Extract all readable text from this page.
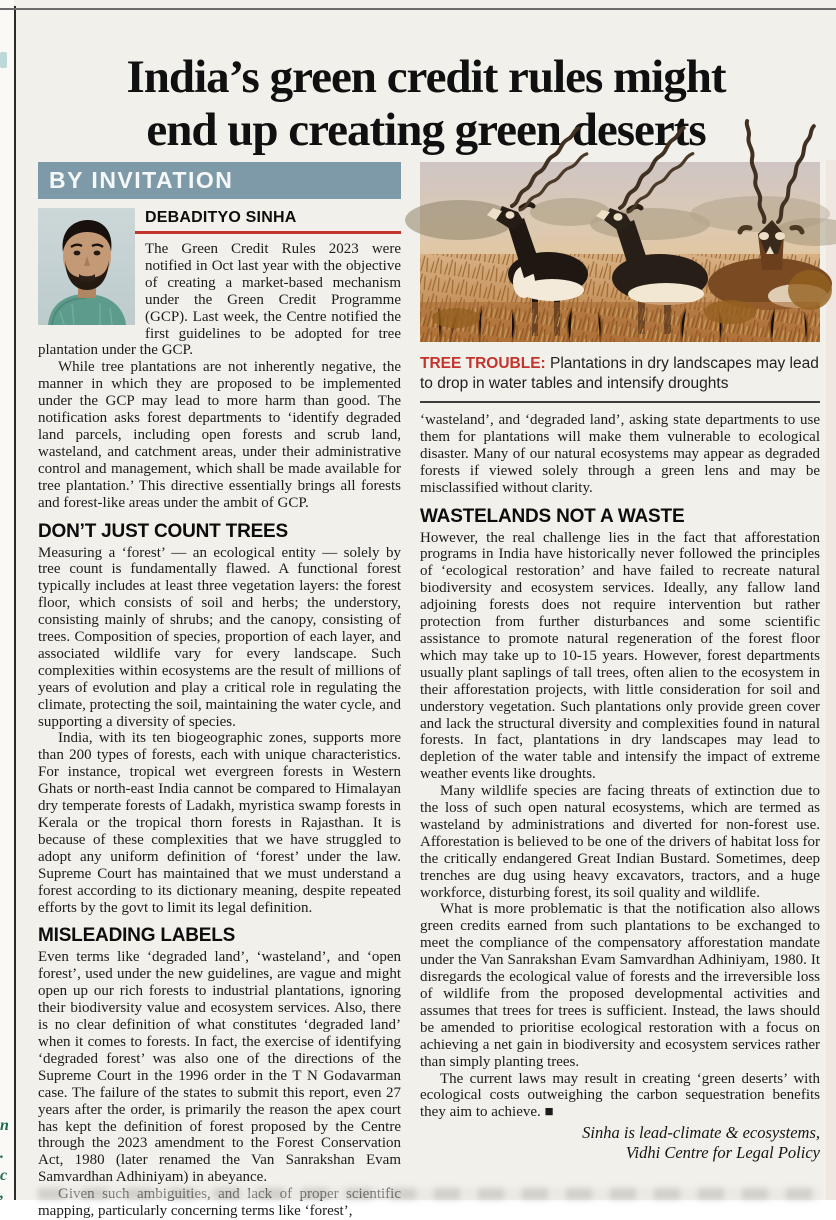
n
.
c
,
India’s green credit rules might
end up creating green deserts
BY INVITATION
DEBADITYO SINHA

The Green Credit Rules 2023 were notified in Oct last year with the objective of creating a market-based mechanism under the Green Credit Programme (GCP). Last week, the Centre notified the first guidelines to be adopted for tree plantation under the GCP.

While tree plantations are not inherently negative, the manner in which they are proposed to be implemented under the GCP may lead to more harm than good. The notification asks forest departments to ‘identify degraded land parcels, including open forests and scrub land, wasteland, and catchment areas, under their administrative control and management, which shall be made available for tree plantation.’ This directive essentially brings all forests and forest-like areas under the ambit of GCP.

DON’T JUST COUNT TREES

Measuring a ‘forest’ — an ecological entity — solely by tree count is fundamentally flawed. A functional forest typically includes at least three vegetation layers: the forest floor, which consists of soil and herbs; the understory, consisting mainly of shrubs; and the canopy, consisting of trees. Composition of species, proportion of each layer, and associated wildlife vary for every landscape. Such complexities within ecosystems are the result of millions of years of evolution and play a critical role in regulating the climate, protecting the soil, maintaining the water cycle, and supporting a diversity of species.

India, with its ten biogeographic zones, supports more than 200 types of forests, each with unique characteristics. For instance, tropical wet evergreen forests in Western Ghats or north-east India cannot be compared to Himalayan dry temperate forests of Ladakh, myristica swamp forests in Kerala or the tropical thorn forests in Rajasthan. It is because of these complexities that we have struggled to adopt any uniform definition of ‘forest’ under the law. Supreme Court has maintained that we must understand a forest according to its dictionary meaning, despite repeated efforts by the govt to limit its legal definition.

MISLEADING LABELS

Even terms like ‘degraded land’, ‘wasteland’, and ‘open forest’, used under the new guidelines, are vague and might open up our rich forests to industrial plantations, ignoring their biodiversity value and ecosystem services. Also, there is no clear definition of what constitutes ‘degraded land’ when it comes to forests. In fact, the exercise of identifying ‘degraded forest’ was also one of the directions of the Supreme Court in the 1996 order in the T N Godavarman case. The failure of the states to submit this report, even 27 years after the order, is primarily the reason the apex court has kept the definition of forest proposed by the Centre through the 2023 amendment to the Forest Conservation Act, 1980 (later renamed the Van Sanrakshan Evam Samvardhan Adhiniyam) in abeyance.

mapping, particularly concerning terms like ‘forest’,

TREE TROUBLE: Plantations in dry landscapes may lead to drop in water tables and intensify droughts

‘wasteland’, and ‘degraded land’, asking state departments to use them for plantations will make them vulnerable to ecological disaster. Many of our natural ecosystems may appear as degraded forests if viewed solely through a green lens and may be misclassified without clarity.

WASTELANDS NOT A WASTE

However, the real challenge lies in the fact that afforestation programs in India have historically never followed the principles of ‘ecological restoration’ and have failed to recreate natural biodiversity and ecosystem services. Ideally, any fallow land adjoining forests does not require intervention but rather protection from further disturbances and some scientific assistance to promote natural regeneration of the forest floor which may take up to 10-15 years. However, forest departments usually plant saplings of tall trees, often alien to the ecosystem in their afforestation projects, with little consideration for soil and understory vegetation. Such plantations only provide green cover and lack the structural diversity and complexities found in natural forests. In fact, plantations in dry landscapes may lead to depletion of the water table and intensify the impact of extreme weather events like droughts.

Many wildlife species are facing threats of extinction due to the loss of such open natural ecosystems, which are termed as wasteland by administrations and diverted for non-forest use. Afforestation is believed to be one of the drivers of habitat loss for the critically endangered Great Indian Bustard. Sometimes, deep trenches are dug using heavy excavators, tractors, and a huge workforce, disturbing forest, its soil quality and wildlife.

What is more problematic is that the notification also allows green credits earned from such plantations to be exchanged to meet the compliance of the compensatory afforestation mandate under the Van Sanrakshan Evam Samvardhan Adhiniyam, 1980. It disregards the ecological value of forests and the irreversible loss of wildlife from the proposed developmental activities and assumes that trees for trees is sufficient. Instead, the laws should be amended to prioritise ecological restoration with a focus on achieving a net gain in biodiversity and ecosystem services rather than simply planting trees.

The current laws may result in creating ‘green deserts’ with ecological costs outweighing the carbon sequestration benefits they aim to achieve. ■

Sinha is lead-climate & ecosystems,
Vidhi Centre for Legal Policy
